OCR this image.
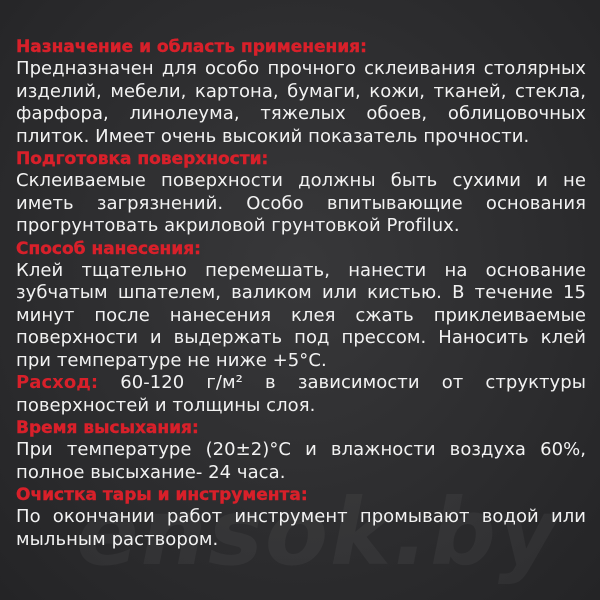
Назначение и область применения:
Предназначен для особо прочного склеивания столярных изделий, мебели, картона, бумаги, кожи, тканей, стекла, фарфора, линолеума, тяжелых обоев, облицовочных плиток. Имеет очень высокий показатель прочности.
Подготовка поверхности:
Склеиваемые поверхности должны быть сухими и не иметь загрязнений. Особо впитывающие основания прогрунтовать акриловой грунтовкой Profilux.
Способ нанесения:
Клей тщательно перемешать, нанести на основание зубчатым шпателем, валиком или кистью. В течение 15 минут после нанесения клея сжать приклеиваемые поверхности и выдержать под прессом. Наносить клей при температуре не ниже +5°С.
Расход: 60-120 г/м² в зависимости от структуры поверхностей и толщины слоя.
Время высыхания:
При температуре (20±2)°С и влажности воздуха 60%, полное высыхание- 24 часа.
Очистка тары и инструмента:
По окончании работ инструмент промывают водой или мыльным раствором.
